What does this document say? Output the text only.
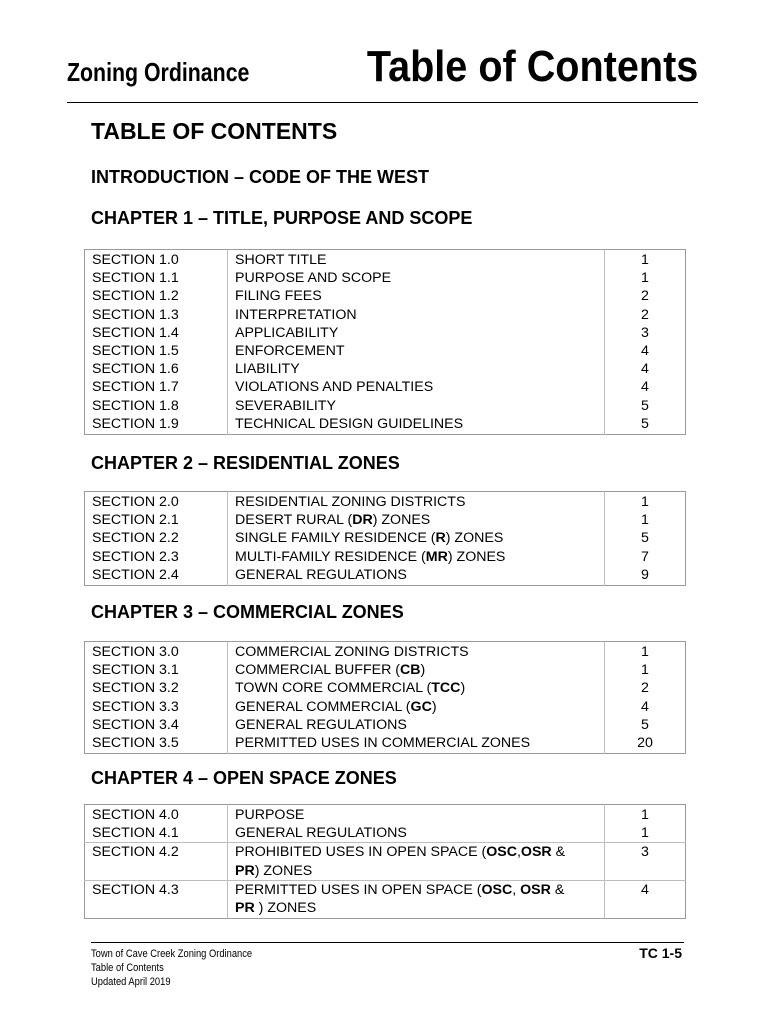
Zoning Ordinance	Table of Contents
TABLE OF CONTENTS
INTRODUCTION – CODE OF THE WEST
CHAPTER 1 – TITLE, PURPOSE AND SCOPE
SECTION 1.0	SHORT TITLE	1
SECTION 1.1	PURPOSE AND SCOPE	1
SECTION 1.2	FILING FEES	2
SECTION 1.3	INTERPRETATION	2
SECTION 1.4	APPLICABILITY	3
SECTION 1.5	ENFORCEMENT	4
SECTION 1.6	LIABILITY	4
SECTION 1.7	VIOLATIONS AND PENALTIES	4
SECTION 1.8	SEVERABILITY	5
SECTION 1.9	TECHNICAL DESIGN GUIDELINES	5
CHAPTER 2 – RESIDENTIAL ZONES
SECTION 2.0	RESIDENTIAL ZONING DISTRICTS	1
SECTION 2.1	DESERT RURAL (DR) ZONES	1
SECTION 2.2	SINGLE FAMILY RESIDENCE (R) ZONES	5
SECTION 2.3	MULTI-FAMILY RESIDENCE (MR) ZONES	7
SECTION 2.4	GENERAL REGULATIONS	9
CHAPTER 3 – COMMERCIAL ZONES
SECTION 3.0	COMMERCIAL ZONING DISTRICTS	1
SECTION 3.1	COMMERCIAL BUFFER (CB)	1
SECTION 3.2	TOWN CORE COMMERCIAL (TCC)	2
SECTION 3.3	GENERAL COMMERCIAL (GC)	4
SECTION 3.4	GENERAL REGULATIONS	5
SECTION 3.5	PERMITTED USES IN COMMERCIAL ZONES	20
CHAPTER 4 – OPEN SPACE ZONES
SECTION 4.0	PURPOSE	1
SECTION 4.1	GENERAL REGULATIONS	1
SECTION 4.2	PROHIBITED USES IN OPEN SPACE (OSC,OSR &
PR) ZONES	3
SECTION 4.3	PERMITTED USES IN OPEN SPACE (OSC, OSR &
PR ) ZONES	4
Town of Cave Creek Zoning Ordinance
Table of Contents
Updated April 2019
TC 1-5
